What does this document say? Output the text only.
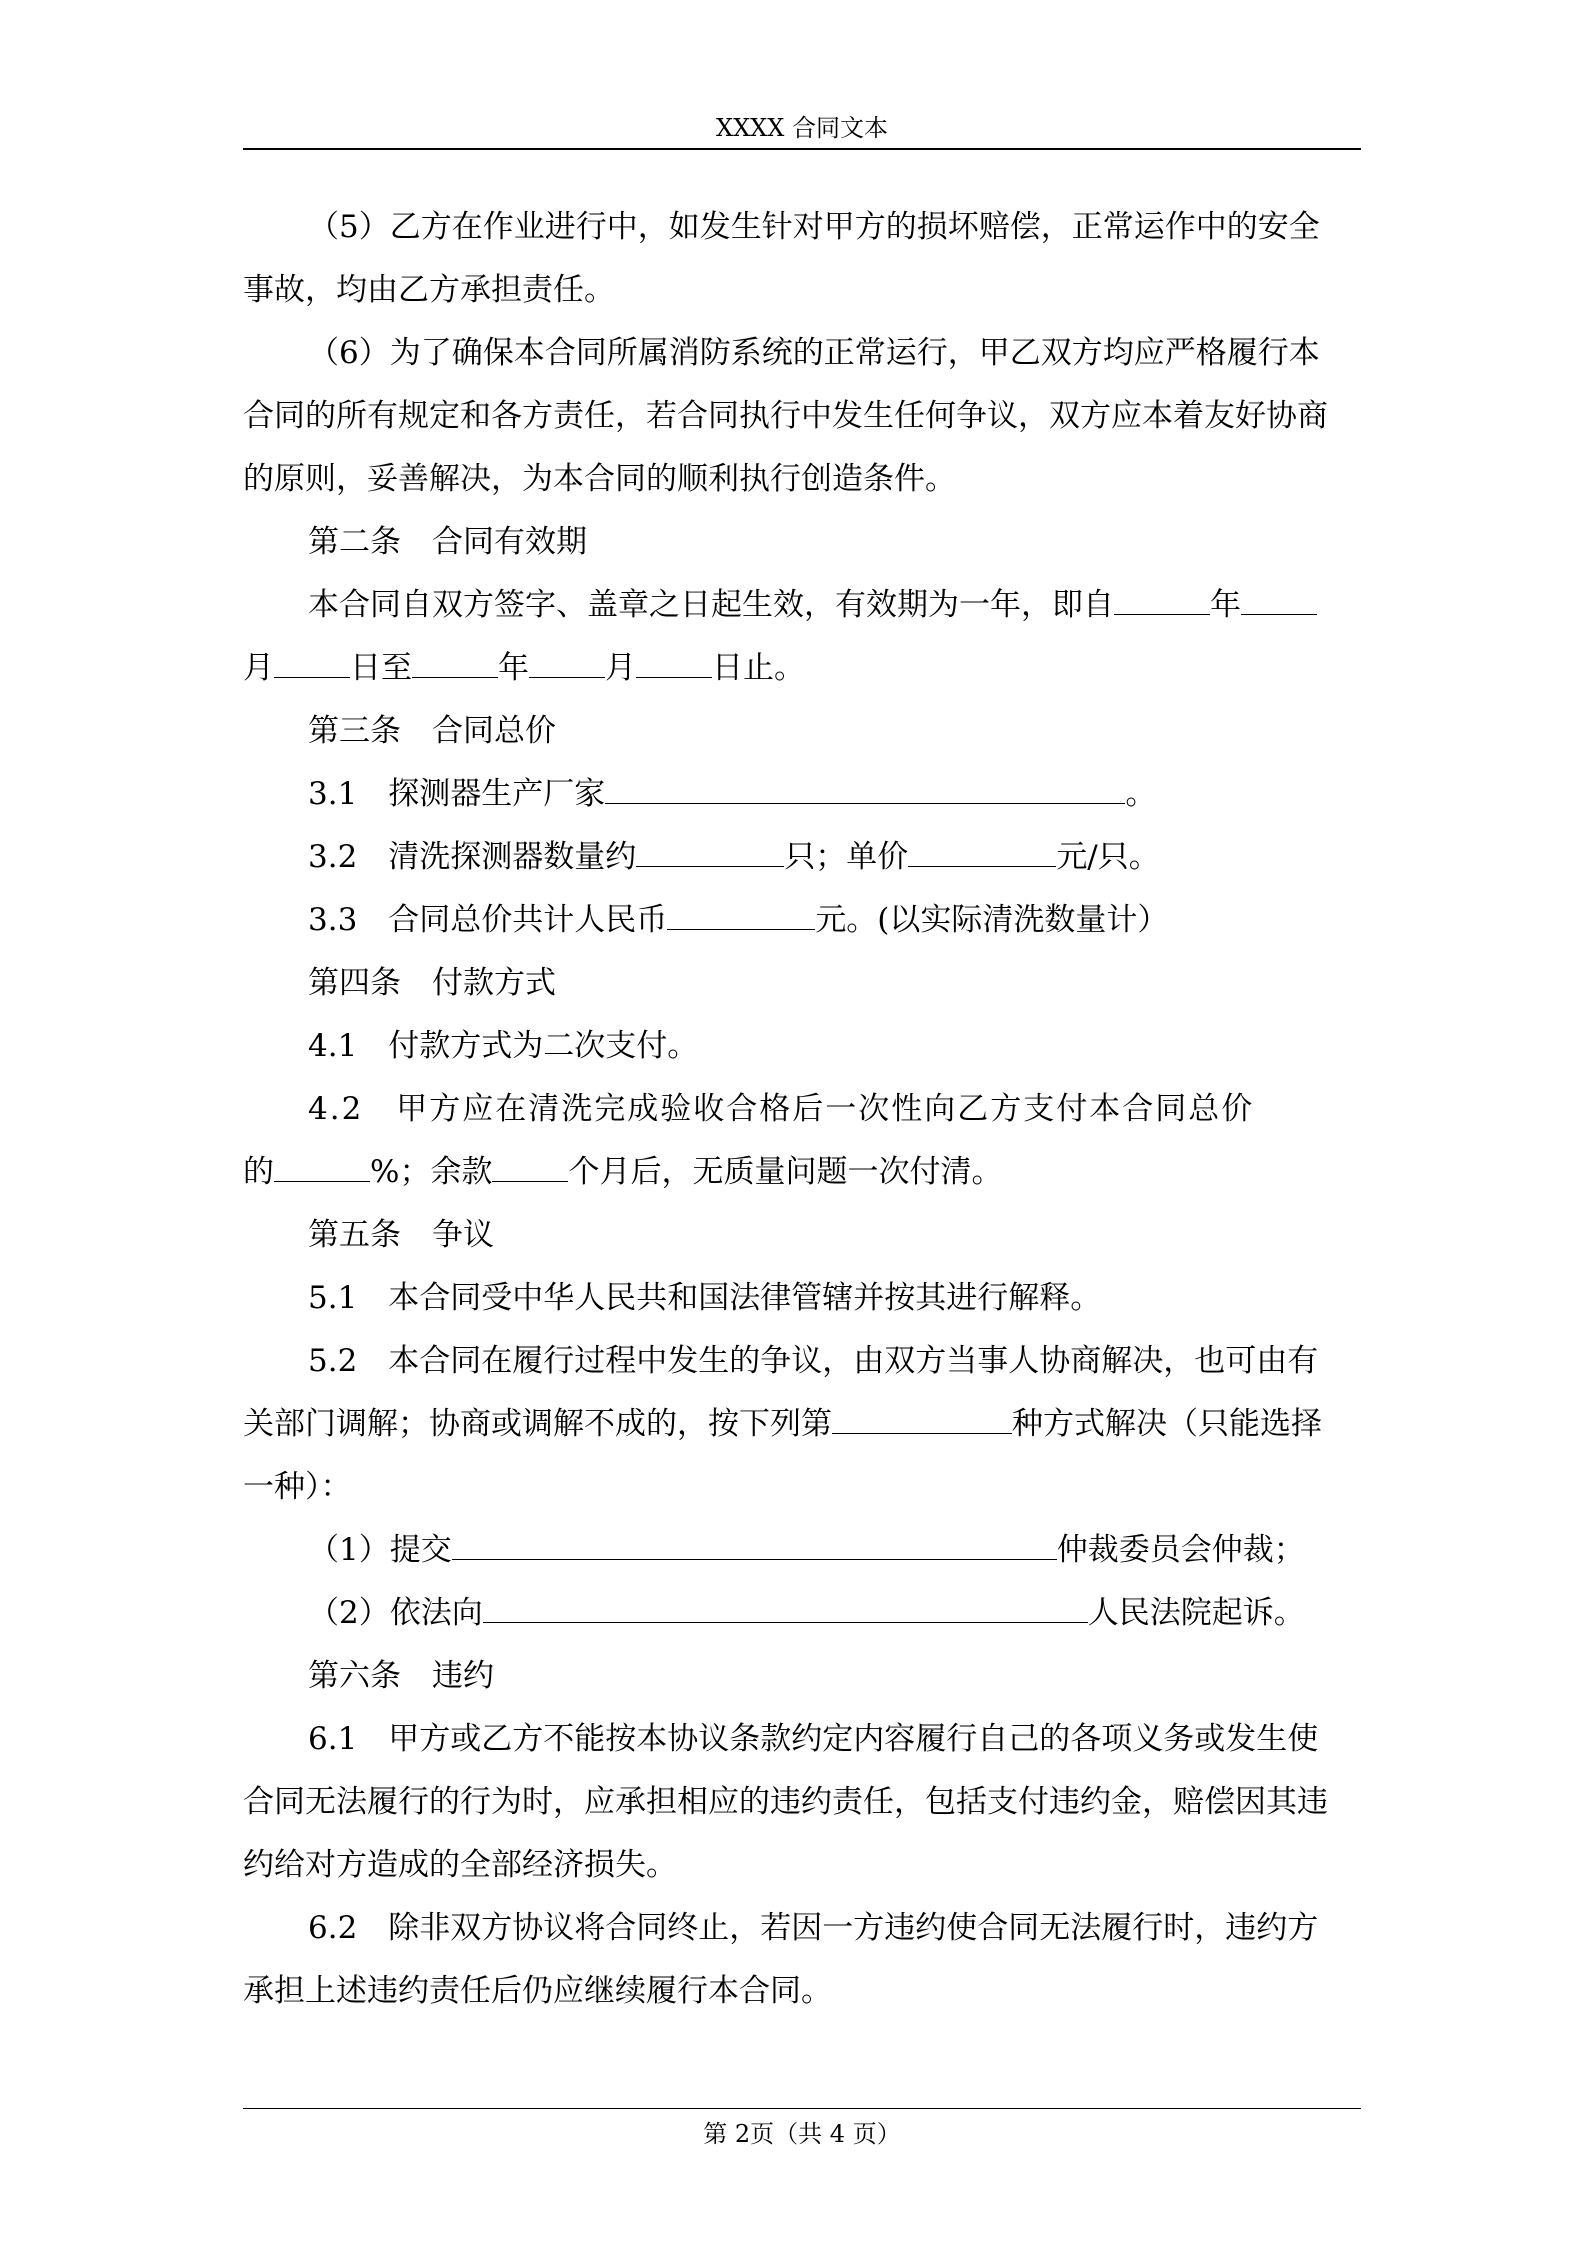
XXXX 合同文本

（5）乙方在作业进行中，如发生针对甲方的损坏赔偿，正常运作中的安全

事故，均由乙方承担责任。

（6）为了确保本合同所属消防系统的正常运行，甲乙双方均应严格履行本

合同的所有规定和各方责任，若合同执行中发生任何争议，双方应本着友好协商

的原则，妥善解决，为本合同的顺利执行创造条件。

第二条　合同有效期

本合同自双方签字、盖章之日起生效，有效期为一年，即自	年

月 日至	年 月 日止。

第三条　合同总价

3.1　探测器生产厂家	。

3.2　清洗探测器数量约	只；单价	元/只。

3.3　合同总价共计人民币	元。(以实际清洗数量计）

第四条　付款方式

4.1　付款方式为二次支付。

4.2　甲方应在清洗完成验收合格后一次性向乙方支付本合同总价

的	%；余款 个月后，无质量问题一次付清。

第五条　争议

5.1　本合同受中华人民共和国法律管辖并按其进行解释。

5.2　本合同在履行过程中发生的争议，由双方当事人协商解决，也可由有

关部门调解；协商或调解不成的，按下列第	种方式解决（只能选择

一种）：

（1）提交	仲裁委员会仲裁；

（2）依法向	人民法院起诉。

第六条　违约

6.1　甲方或乙方不能按本协议条款约定内容履行自己的各项义务或发生使

合同无法履行的行为时，应承担相应的违约责任，包括支付违约金，赔偿因其违

约给对方造成的全部经济损失。

6.2　除非双方协议将合同终止，若因一方违约使合同无法履行时，违约方

承担上述违约责任后仍应继续履行本合同。

第 2页（共 4 页）
